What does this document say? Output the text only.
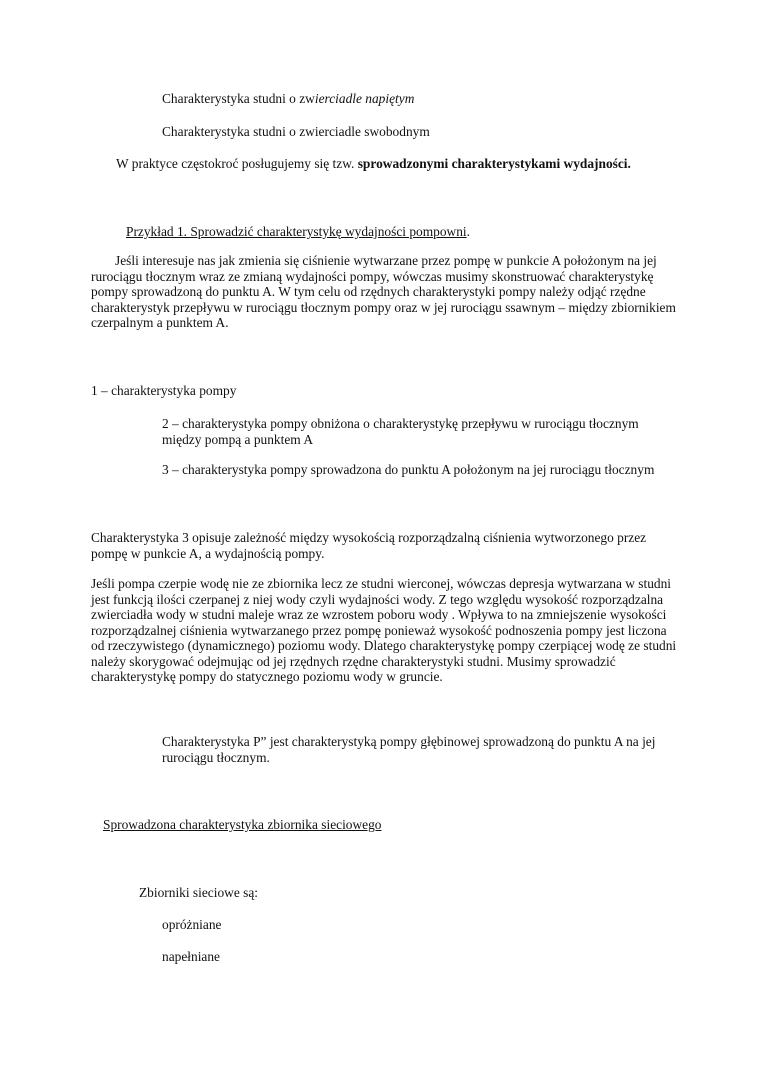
Charakterystyka studni o zwierciadle napiętym

Charakterystyka studni o zwierciadle swobodnym

W praktyce częstokroć posługujemy się tzw. sprowadzonymi charakterystykami wydajności.

Przykład 1. Sprowadzić charakterystykę wydajności pompowni.

Jeśli interesuje nas jak zmienia się ciśnienie wytwarzane przez pompę w punkcie A położonym na jej rurociągu tłocznym wraz ze zmianą wydajności pompy, wówczas musimy skonstruować charakterystykę pompy sprowadzoną do punktu A. W tym celu od rzędnych charakterystyki pompy należy odjąć rzędne charakterystyk przepływu w rurociągu tłocznym pompy oraz w jej rurociągu ssawnym – między zbiornikiem czerpalnym a punktem A.

1 – charakterystyka pompy

2 – charakterystyka pompy obniżona o charakterystykę przepływu w rurociągu tłocznym między pompą a punktem A

3 – charakterystyka pompy sprowadzona do punktu A położonym na jej rurociągu tłocznym

Charakterystyka 3 opisuje zależność między wysokością rozporządzalną ciśnienia wytworzonego przez pompę w punkcie A, a wydajnością pompy.

Jeśli pompa czerpie wodę nie ze zbiornika lecz ze studni wierconej, wówczas depresja wytwarzana w studni jest funkcją ilości czerpanej z niej wody czyli wydajności wody. Z tego względu wysokość rozporządzalna zwierciadła wody w studni maleje wraz ze wzrostem poboru wody . Wpływa to na zmniejszenie wysokości rozporządzalnej ciśnienia wytwarzanego przez pompę ponieważ wysokość podnoszenia pompy jest liczona od rzeczywistego (dynamicznego) poziomu wody. Dlatego charakterystykę pompy czerpiącej wodę ze studni należy skorygować odejmując od jej rzędnych rzędne charakterystyki studni. Musimy sprowadzić charakterystykę pompy do statycznego poziomu wody w gruncie.

Charakterystyka P” jest charakterystyką pompy głębinowej sprowadzoną do punktu A na jej rurociągu tłocznym.

Sprowadzona charakterystyka zbiornika sieciowego

Zbiorniki sieciowe są:

opróżniane

napełniane
